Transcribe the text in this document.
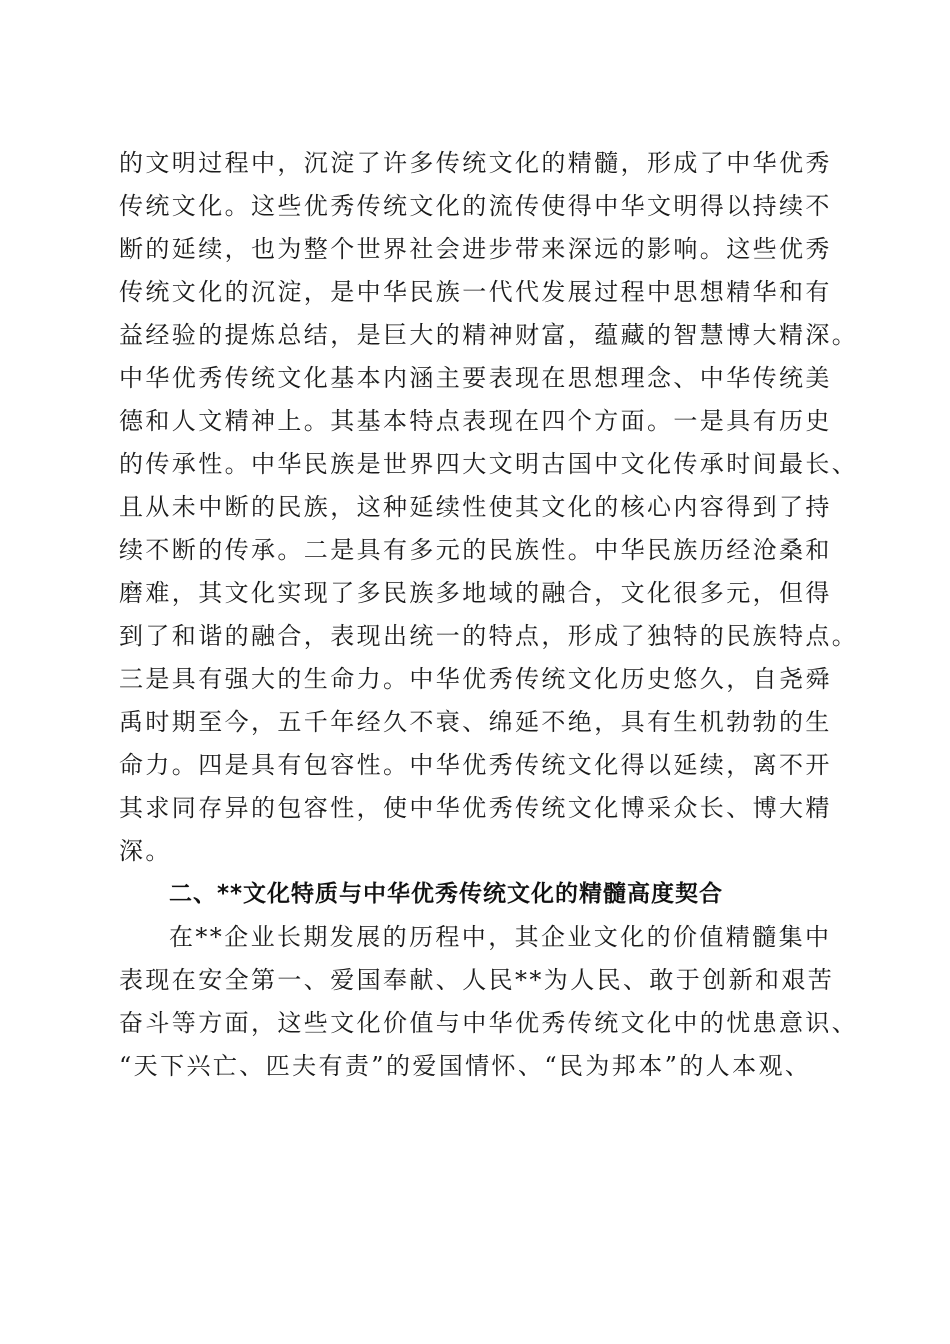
的文明过程中，沉淀了许多传统文化的精髓，形成了中华优秀
传统文化。这些优秀传统文化的流传使得中华文明得以持续不
断的延续，也为整个世界社会进步带来深远的影响。这些优秀
传统文化的沉淀，是中华民族一代代发展过程中思想精华和有
益经验的提炼总结，是巨大的精神财富，蕴藏的智慧博大精深。
中华优秀传统文化基本内涵主要表现在思想理念、中华传统美
德和人文精神上。其基本特点表现在四个方面。一是具有历史
的传承性。中华民族是世界四大文明古国中文化传承时间最长、
且从未中断的民族，这种延续性使其文化的核心内容得到了持
续不断的传承。二是具有多元的民族性。中华民族历经沧桑和
磨难，其文化实现了多民族多地域的融合，文化很多元，但得
到了和谐的融合，表现出统一的特点，形成了独特的民族特点。
三是具有强大的生命力。中华优秀传统文化历史悠久，自尧舜
禹时期至今，五千年经久不衰、绵延不绝，具有生机勃勃的生
命力。四是具有包容性。中华优秀传统文化得以延续，离不开
其求同存异的包容性，使中华优秀传统文化博采众长、博大精
深。
二、**文化特质与中华优秀传统文化的精髓高度契合
在**企业长期发展的历程中，其企业文化的价值精髓集中
表现在安全第一、爱国奉献、人民**为人民、敢于创新和艰苦
奋斗等方面，这些文化价值与中华优秀传统文化中的忧患意识、
“天下兴亡、匹夫有责”的爱国情怀、“民为邦本”的人本观、
